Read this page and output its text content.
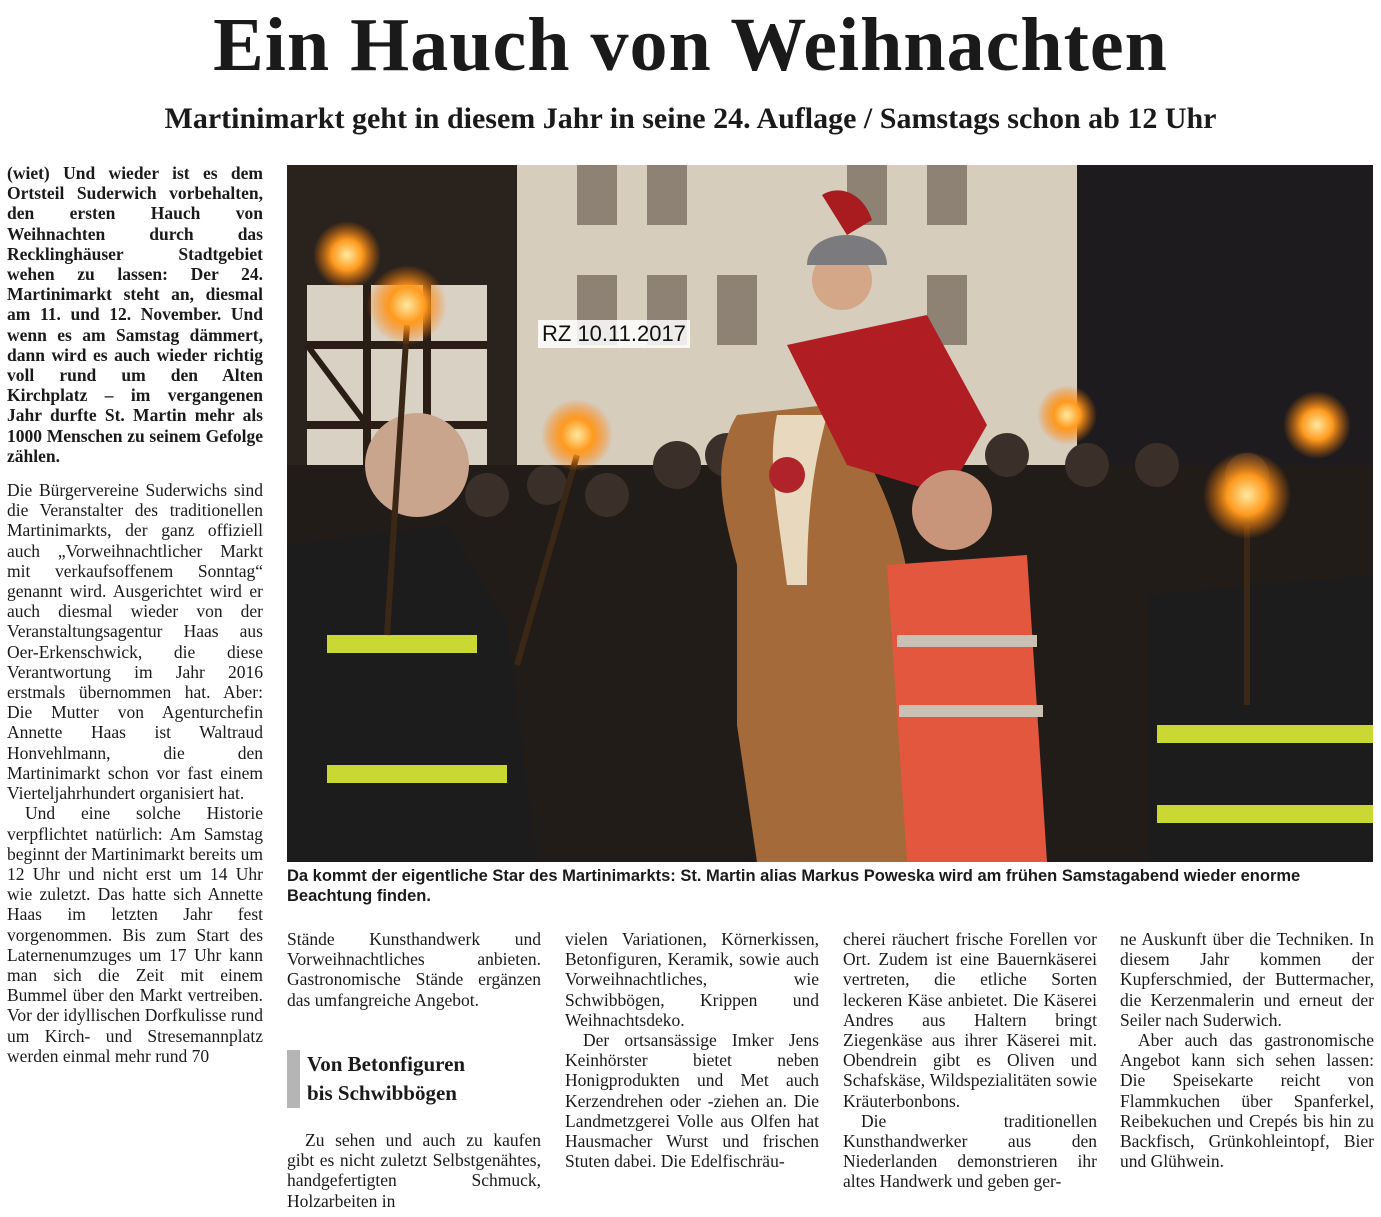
Ein Hauch von Weihnachten
Martinimarkt geht in diesem Jahr in seine 24. Auflage / Samstags schon ab 12 Uhr

(wiet) Und wieder ist es dem Ortsteil Suderwich vorbehalten, den ersten Hauch von Weihnachten durch das Recklinghäuser Stadtgebiet wehen zu lassen: Der 24. Martinimarkt steht an, diesmal am 11. und 12. November. Und wenn es am Samstag dämmert, dann wird es auch wieder richtig voll rund um den Alten Kirchplatz – im vergangenen Jahr durfte St. Martin mehr als 1000 Menschen zu seinem Gefolge zählen.

Die Bürgervereine Suderwichs sind die Veranstalter des traditionellen Martinimarkts, der ganz offiziell auch „Vorweihnachtlicher Markt mit verkaufsoffenem Sonntag“ genannt wird. Ausgerichtet wird er auch diesmal wieder von der Veranstaltungsagentur Haas aus Oer-Erkenschwick, die diese Verantwortung im Jahr 2016 erstmals übernommen hat. Aber: Die Mutter von Agenturchefin Annette Haas ist Waltraud Honvehlmann, die den Martinimarkt schon vor fast einem Vierteljahrhundert organisiert hat.

Und eine solche Historie verpflichtet natürlich: Am Samstag beginnt der Martinimarkt bereits um 12 Uhr und nicht erst um 14 Uhr wie zuletzt. Das hatte sich Annette Haas im letzten Jahr fest vorgenommen. Bis zum Start des Laternenumzuges um 17 Uhr kann man sich die Zeit mit einem Bummel über den Markt vertreiben. Vor der idyllischen Dorfkulisse rund um Kirch- und Stresemannplatz werden einmal mehr rund 70

RZ 10.11.2017

Da kommt der eigentliche Star des Martinimarkts: St. Martin alias Markus Poweska wird am frühen Samstagabend wieder enorme Beachtung finden.

Stände Kunsthandwerk und Vorweihnachtliches anbieten. Gastronomische Stände ergänzen das umfangreiche Angebot.

Von Betonfiguren
bis Schwibbögen

Zu sehen und auch zu kaufen gibt es nicht zuletzt Selbstgenähtes, handgefertigten Schmuck, Holzarbeiten in

vielen Variationen, Körnerkissen, Betonfiguren, Keramik, sowie auch Vorweihnachtliches, wie Schwibbögen, Krippen und Weihnachtsdeko.

Der ortsansässige Imker Jens Keinhörster bietet neben Honigprodukten und Met auch Kerzendrehen oder -ziehen an. Die Landmetzgerei Volle aus Olfen hat Hausmacher Wurst und frischen Stuten dabei. Die Edelfischräu-

cherei räuchert frische Forellen vor Ort. Zudem ist eine Bauernkäserei vertreten, die etliche Sorten leckeren Käse anbietet. Die Käserei Andres aus Haltern bringt Ziegenkäse aus ihrer Käserei mit. Obendrein gibt es Oliven und Schafskäse, Wildspezialitäten sowie Kräuterbonbons.

Die traditionellen Kunsthandwerker aus den Niederlanden demonstrieren ihr altes Handwerk und geben ger-

ne Auskunft über die Techniken. In diesem Jahr kommen der Kupferschmied, der Buttermacher, die Kerzenmalerin und erneut der Seiler nach Suderwich.

Aber auch das gastronomische Angebot kann sich sehen lassen: Die Speisekarte reicht von Flammkuchen über Spanferkel, Reibekuchen und Crepés bis hin zu Backfisch, Grünkohleintopf, Bier und Glühwein.
